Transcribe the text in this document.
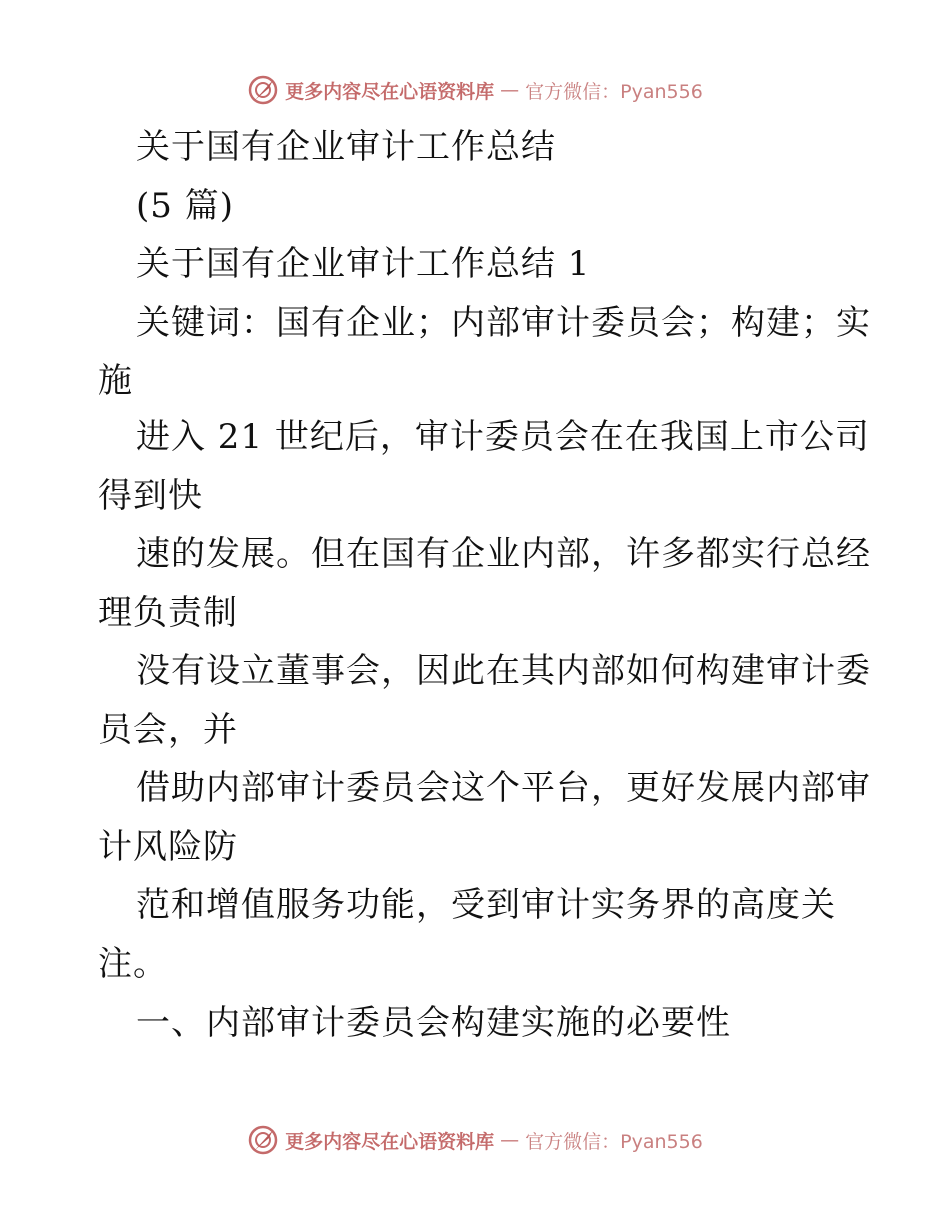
更多内容尽在心语资料库 — 官方微信：Pyan556
关于国有企业审计工作总结
(5 篇)
关于国有企业审计工作总结 1
关键词：国有企业；内部审计委员会；构建；实
施
进入 21 世纪后，审计委员会在在我国上市公司
得到快
速的发展。但在国有企业内部，许多都实行总经
理负责制
没有设立董事会，因此在其内部如何构建审计委
员会，并
借助内部审计委员会这个平台，更好发展内部审
计风险防
范和增值服务功能，受到审计实务界的高度关
注。
一、内部审计委员会构建实施的必要性
更多内容尽在心语资料库 — 官方微信：Pyan556
